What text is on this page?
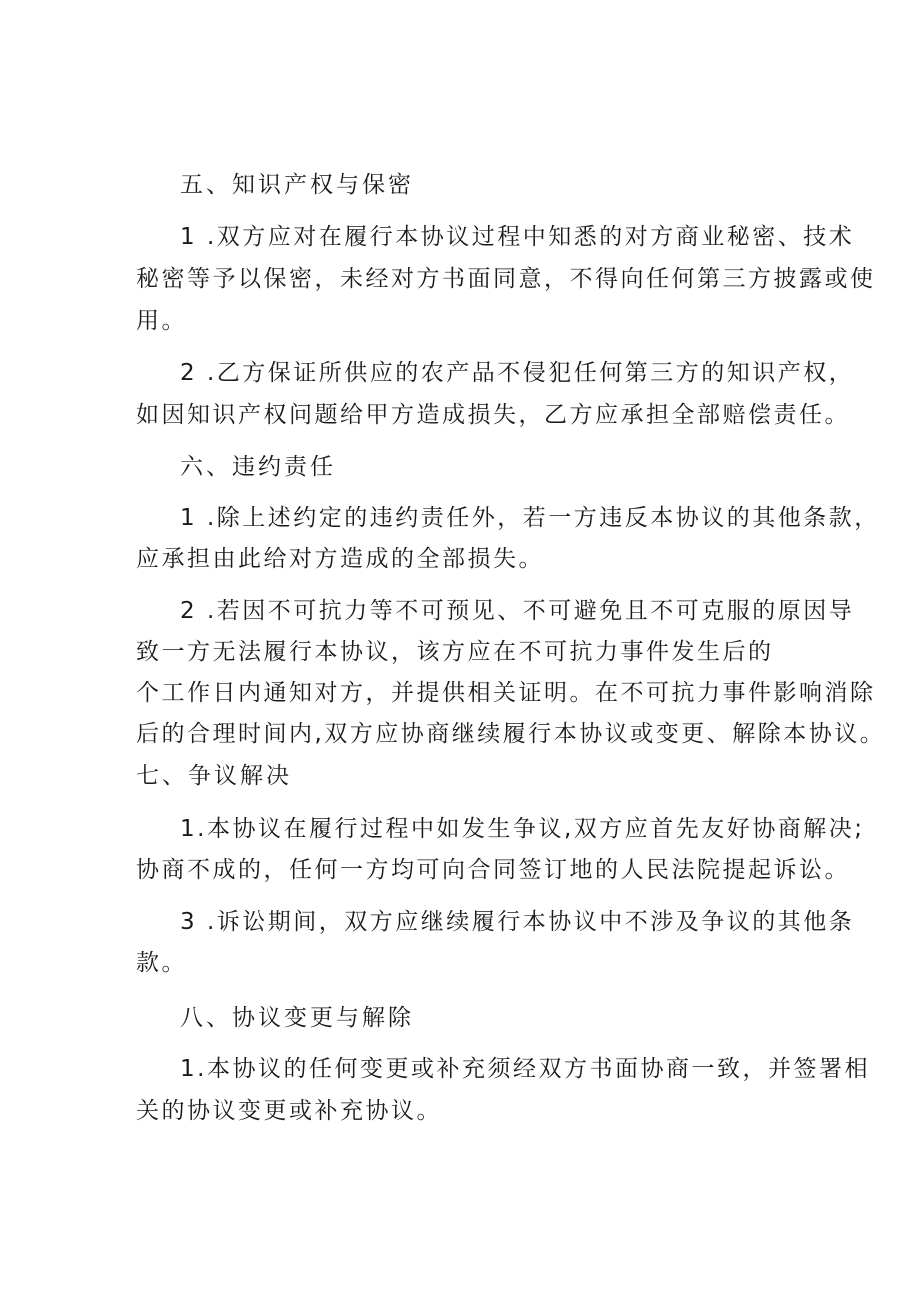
五、知识产权与保密
1 .双方应对在履行本协议过程中知悉的对方商业秘密、技术
秘密等予以保密，未经对方书面同意，不得向任何第三方披露或使
用。
2 .乙方保证所供应的农产品不侵犯任何第三方的知识产权，
如因知识产权问题给甲方造成损失，乙方应承担全部赔偿责任。
六、违约责任
1 .除上述约定的违约责任外，若一方违反本协议的其他条款，
应承担由此给对方造成的全部损失。
2 .若因不可抗力等不可预见、不可避免且不可克服的原因导
致一方无法履行本协议，该方应在不可抗力事件发生后的
个工作日内通知对方，并提供相关证明。在不可抗力事件影响消除
后的合理时间内,双方应协商继续履行本协议或变更、解除本协议。
七、争议解决
1.本协议在履行过程中如发生争议,双方应首先友好协商解决;
协商不成的，任何一方均可向合同签订地的人民法院提起诉讼。
3 .诉讼期间，双方应继续履行本协议中不涉及争议的其他条
款。
八、协议变更与解除
1.本协议的任何变更或补充须经双方书面协商一致，并签署相
关的协议变更或补充协议。
